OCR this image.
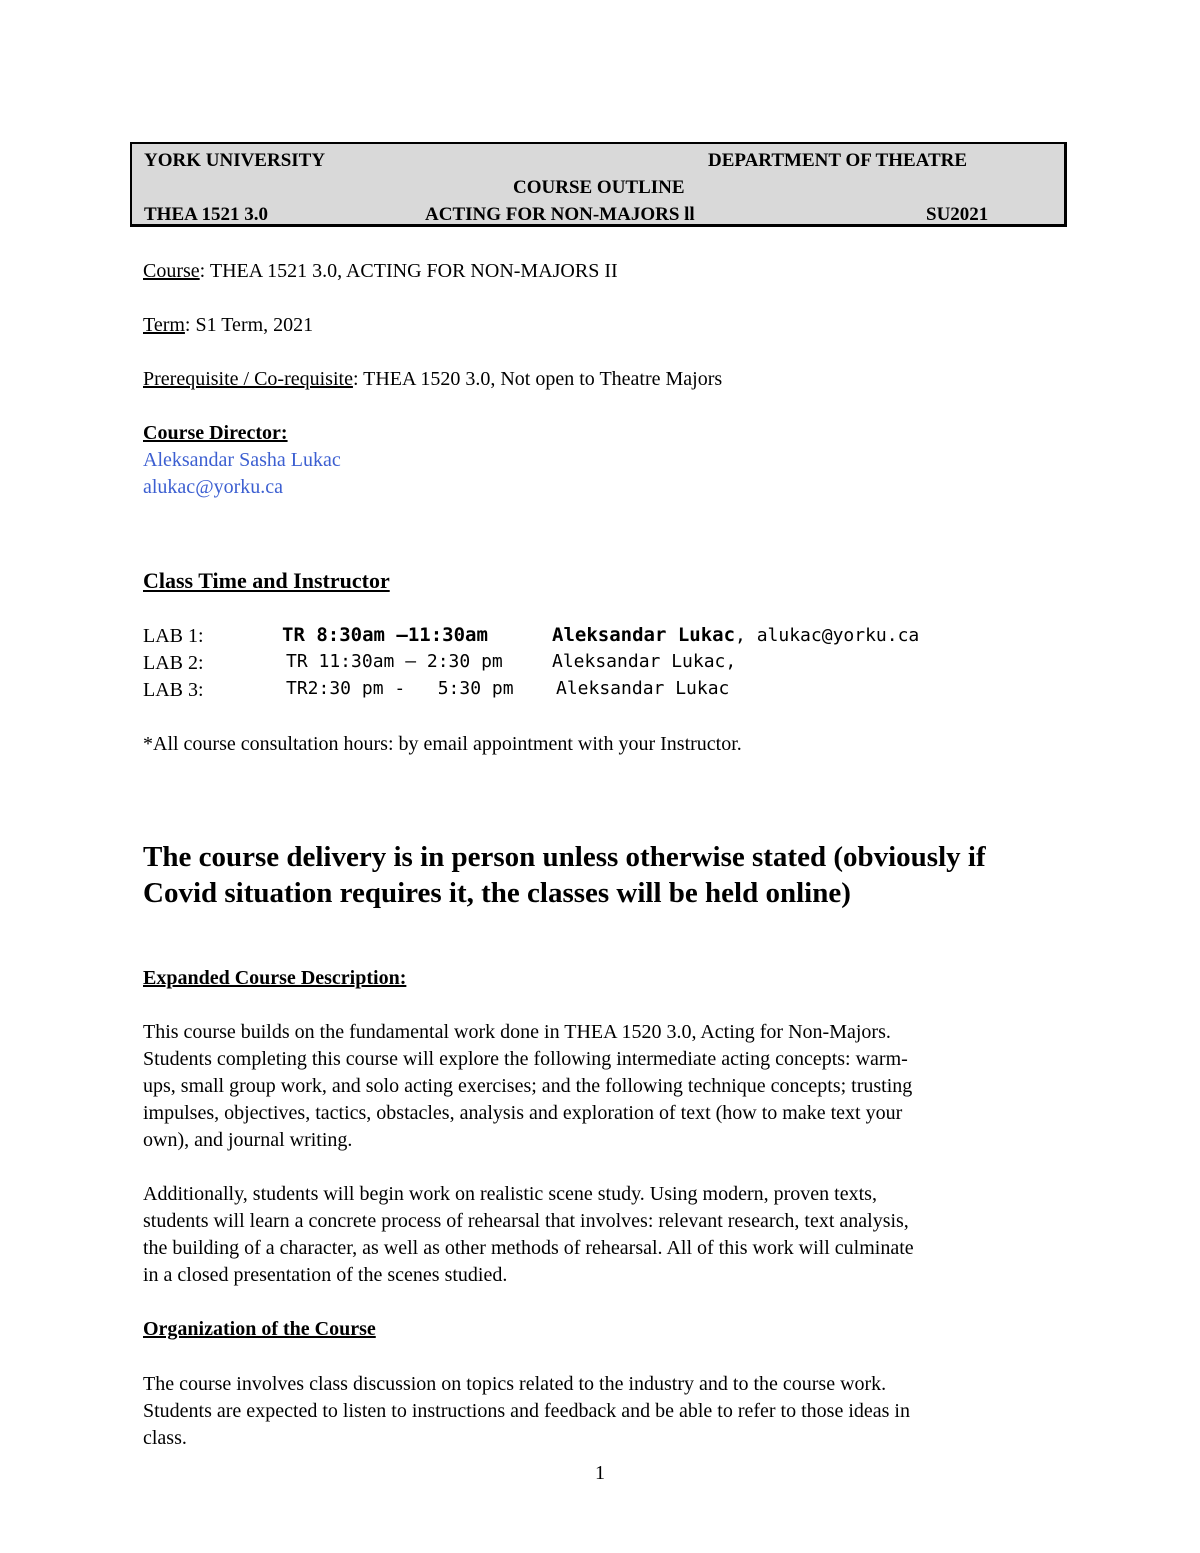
YORK UNIVERSITY	DEPARTMENT OF THEATRE
COURSE OUTLINE
THEA 1521 3.0	ACTING FOR NON-MAJORS ll	SU2021
Course: THEA 1521 3.0, ACTING FOR NON-MAJORS II
Term: S1 Term, 2021
Prerequisite / Co-requisite: THEA 1520 3.0, Not open to Theatre Majors
Course Director:
Aleksandar Sasha Lukac
alukac@yorku.ca
Class Time and Instructor
LAB 1:	TR 8:30am –11:30am	Aleksandar Lukac, alukac@yorku.ca
LAB 2:	TR 11:30am – 2:30 pm	Aleksandar Lukac,
LAB 3:	TR2:30 pm -   5:30 pm Aleksandar Lukac
*All course consultation hours: by email appointment with your Instructor.
The course delivery is in person unless otherwise stated (obviously if
Covid situation requires it, the classes will be held online)
Expanded Course Description:
This course builds on the fundamental work done in THEA 1520 3.0, Acting for Non-Majors.
Students completing this course will explore the following intermediate acting concepts: warm-
ups, small group work, and solo acting exercises; and the following technique concepts; trusting
impulses, objectives, tactics, obstacles, analysis and exploration of text (how to make text your
own), and journal writing.
Additionally, students will begin work on realistic scene study. Using modern, proven texts,
students will learn a concrete process of rehearsal that involves: relevant research, text analysis,
the building of a character, as well as other methods of rehearsal. All of this work will culminate
in a closed presentation of the scenes studied.
Organization of the Course
The course involves class discussion on topics related to the industry and to the course work.
Students are expected to listen to instructions and feedback and be able to refer to those ideas in
class.
1
